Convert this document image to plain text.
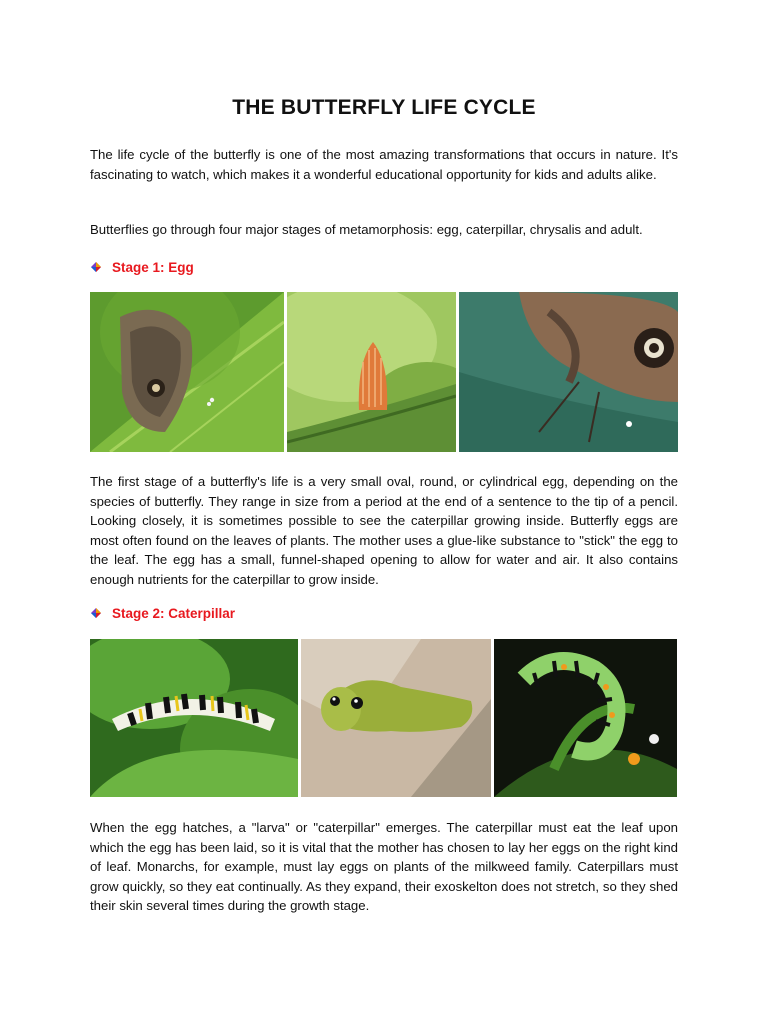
THE BUTTERFLY LIFE CYCLE

The life cycle of the butterfly is one of the most amazing transformations that occurs in nature. It's fascinating to watch, which makes it a wonderful educational opportunity for kids and adults alike.

Butterflies go through four major stages of metamorphosis: egg, caterpillar, chrysalis and adult.

Stage 1: Egg

The first stage of a butterfly's life is a very small oval, round, or cylindrical egg, depending on the species of butterfly. They range in size from a period at the end of a sentence to the tip of a pencil. Looking closely, it is sometimes possible to see the caterpillar growing inside. Butterfly eggs are most often found on the leaves of plants. The mother uses a glue-like substance to "stick" the egg to the leaf. The egg has a small, funnel-shaped opening to allow for water and air. It also contains enough nutrients for the caterpillar to grow inside.

Stage 2: Caterpillar

When the egg hatches, a "larva" or "caterpillar" emerges. The caterpillar must eat the leaf upon which the egg has been laid, so it is vital that the mother has chosen to lay her eggs on the right kind of leaf. Monarchs, for example, must lay eggs on plants of the milkweed family. Caterpillars must grow quickly, so they eat continually. As they expand, their exoskelton does not stretch, so they shed their skin several times during the growth stage.
